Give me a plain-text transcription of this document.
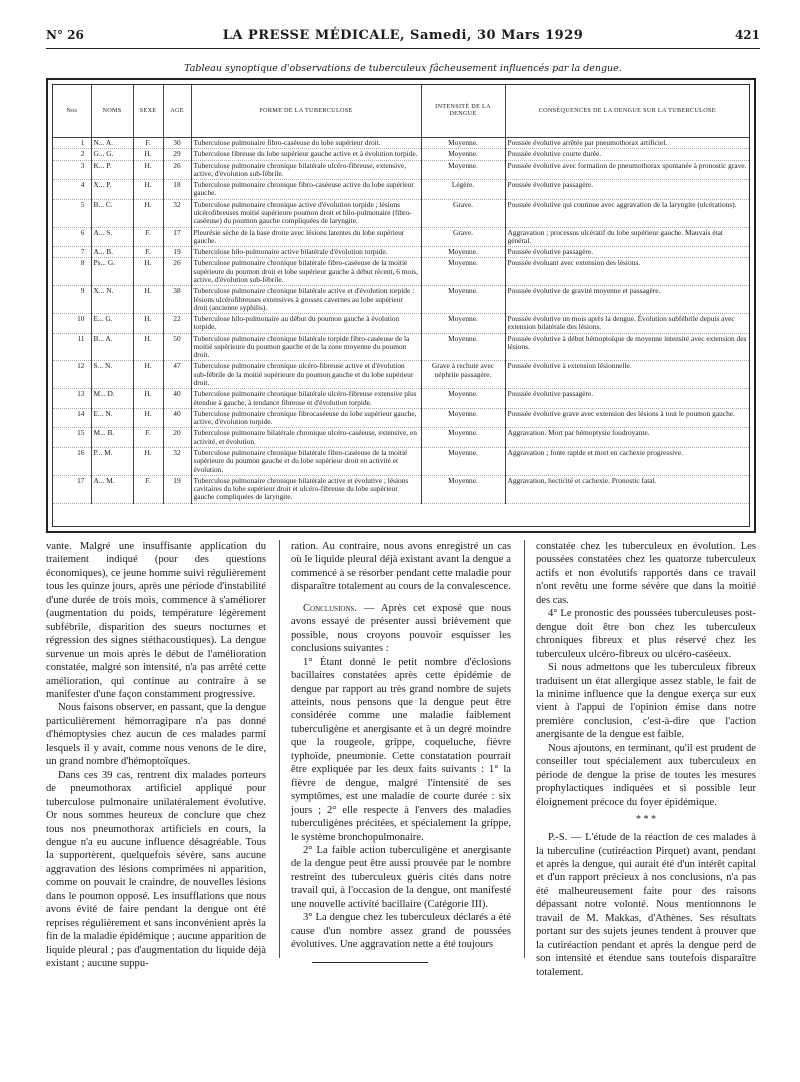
N° 26	LA PRESSE MÉDICALE, Samedi, 30 Mars 1929	421
Tableau synoptique d'observations de tuberculeux fâcheusement influencés par la dengue.
Nos	NOMS	SEXE	AGE	FORME DE LA TUBERCULOSE	INTENSITÉ DE LA DENGUE	CONSÉQUENCES DE LA DENGUE SUR LA TUBERCULOSE
1	N... A.	F.	30	Tuberculose pulmonaire fibro-caséeuse du lobe supérieur droit.	Moyenne.	Poussée évolutive arrêtée par pneumothorax artificiel.
2	G... G.	H.	29	Tuberculose fibreuse du lobe supérieur gauche active et à évolution torpide.	Moyenne.	Poussée évolutive courte durée.
3	K... P.	H.	26	Tuberculose pulmonaire chronique bilatérale ulcéro-fibreuse, extensive, active, d'évolution sub-fébrile.	Moyenne.	Poussée évolutive avec formation de pneumothorax spontanée à pronostic grave.
4	X... P.	H.	18	Tuberculose pulmonaire chronique fibro-caséeuse active du lobe supérieur gauche.	Légère.	Poussée évolutive passagère.
5	B... C.	H.	32	Tuberculose pulmonaire chronique active d'évolution torpide ; lésions ulcérofibreuses moitié supérieure poumon droit et hilo-pulmonaire (fibro-caséeuse) du poumon gauche compliquées de laryngite.	Grave.	Poussée évolutive qui continue avec aggravation de la laryngite (ulcérations).
6	A... S.	F.	17	Pleurésie sèche de la base droite avec lésions latentes du lobe supérieur gauche.	Grave.	Aggravation ; processus ulcératif du lobe supérieur gauche. Mauvais état général.
7	A... B.	F.	19	Tuberculose hilo-pulmonaire active bilatérale d'évolution torpide.	Moyenne.	Poussée évolutive passagère.
8	Ps... G.	H.	26	Tuberculose pulmonaire chronique bilatérale fibro-caséeuse de la moitié supérieure du poumon droit et lobe supérieur gauche à début récent, 6 mois, active, d'évolution sub-fébrile.	Moyenne.	Poussée évoluant avec extension des lésions.
9	X... N.	H.	38	Tuberculose pulmonaire chronique bilatérale active et d'évolution torpide : lésions ulcérofibreuses extensives à grosses cavernes au lobe supérieur droit (ancienne syphilis).	Moyenne.	Poussée évolutive de gravité moyenne et passagère.
10	E... G.	H.	22	Tuberculose hilo-pulmonaire au début du poumon gauche à évolution torpide.	Moyenne.	Poussée évolutive un mois après la dengue. Évolution subfébrile depuis avec extension bilatérale des lésions.
11	B... A.	H.	50	Tuberculose pulmonaire chronique bilatérale torpide fibro-caséeuse de la moitié supérieure du poumon gauche et de la zone moyenne du poumon droit.	Moyenne.	Poussée évolutive à début hémoptoïque de moyenne intensité avec extension des lésions.
12	S... N.	H.	47	Tuberculose pulmonaire chronique ulcéro-fibreuse active et d'évolution sub-fébrile de la moitié supérieure du poumon gauche et du lobe supérieur droit.	Grave à rechute avec néphrite passagère.	Poussée évolutive à extension lésionnelle.
13	M... D.	H.	40	Tuberculose pulmonaire chronique bilatérale ulcéro-fibreuse extensive plus étendue à gauche, à tendance fibreuse et d'évolution torpide.	Moyenne.	Poussée évolutive passagère.
14	E... N.	H.	40	Tuberculose pulmonaire chronique fibrocaséeuse du lobe supérieur gauche, active, d'évolution torpide.	Moyenne.	Poussée évolutive grave avec extension des lésions à tout le poumon gauche.
15	M... B.	F.	20	Tuberculose pulmonaire bilatérale chronique ulcéro-caséeuse, extensive, en activité, et évolution.	Moyenne.	Aggravation. Mort par hémoptysie foudroyante.
16	P... M.	H.	32	Tuberculose pulmonaire chronique bilatérale fibro-caséeuse de la moitié supérieure du poumon gauche et du lobe supérieur droit en activité et évolution.	Moyenne.	Aggravation ; fonte rapide et mort en cachexie progressive.
17	A... M.	F.	19	Tuberculose pulmonaire chronique bilatérale active et évolutive ; lésions cavitaires du lobe supérieur droit et ulcéro-fibreuse du lobe supérieur gauche compliquées de laryngite.	Moyenne.	Aggravation, hecticité et cachexie. Pronostic fatal.

vante. Malgré une insuffisante application du traitement indiqué (pour des questions économiques), ce jeune homme suivi régulièrement tous les quinze jours, après une période d'instabilité d'une durée de trois mois, commence à s'améliorer (augmentation du poids, température légèrement subfébrile, disparition des sueurs nocturnes et régression des signes stéthacoustiques). La dengue survenue un mois après le début de l'amélioration constatée, malgré son intensité, n'a pas arrêté cette amélioration, qui continue au contraire à se manifester d'une façon constamment progressive.

Nous faisons observer, en passant, que la dengue particulièrement hémorragipare n'a pas donné d'hémoptysies chez aucun de ces malades parmi lesquels il y avait, comme nous venons de le dire, un grand nombre d'hémoptoïques.

Dans ces 39 cas, rentrent dix malades porteurs de pneumothorax artificiel appliqué pour tuberculose pulmonaire unilatéralement évolutive. Or nous sommes heureux de conclure que chez tous nos pneumothorax artificiels en cours, la dengue n'a eu aucune influence désagréable. Tous la supportèrent, quelquefois sévère, sans aucune aggravation des lésions comprimées ni apparition, comme on pouvait le craindre, de nouvelles lésions dans le poumon opposé. Les insufflations que nous avons évité de faire pendant la dengue ont été reprises régulièrement et sans inconvénient après la fin de la maladie épidémique ; aucune apparition de liquide pleural ; pas d'augmentation du liquide déjà existant ; aucune suppu-

ration. Au contraire, nous avons enregistré un cas où le liquide pleural déjà existant avant la dengue a commencé à se résorber pendant cette maladie pour disparaître totalement au cours de la convalescence.

Conclusions. — Après cet exposé que nous avons essayé de présenter aussi brièvement que possible, nous croyons pouvoir esquisser les conclusions suivantes :

1° Étant donné le petit nombre d'éclosions bacillaires constatées après cette épidémie de dengue par rapport au très grand nombre de sujets atteints, nous pensons que la dengue peut être considérée comme une maladie faiblement tuberculigène et anergisante et à un degré moindre que la rougeole, grippe, coqueluche, fièvre typhoïde, pneumonie. Cette constatation pourrait être expliquée par les deux faits suivants : 1° la fièvre de dengue, malgré l'intensité de ses symptômes, est une maladie de courte durée : six jours ; 2° elle respecte à l'envers des maladies tuberculigènes précitées, et spécialement la grippe, le système bronchopulmonaire.

2° La faible action tuberculigène et anergisante de la dengue peut être aussi prouvée par le nombre restreint des tuberculeux guéris cités dans notre travail qui, à l'occasion de la dengue, ont manifesté une nouvelle activité bacillaire (Catégorie III).

3° La dengue chez les tuberculeux déclarés a été cause d'un nombre assez grand de poussées évolutives. Une aggravation nette a été toujours

constatée chez les tuberculeux en évolution. Les poussées constatées chez les quatorze tuberculeux actifs et non évolutifs rapportés dans ce travail n'ont revêtu une forme sévère que dans la moitié des cas.

4° Le pronostic des poussées tuberculeuses post-dengue doit être bon chez les tuberculeux chroniques fibreux et plus réservé chez les tuberculeux ulcéro-fibreux ou ulcéro-caséeux.

Si nous admettons que les tuberculeux fibreux traduisent un état allergique assez stable, le fait de la minime influence que la dengue exerça sur eux vient à l'appui de l'opinion émise dans notre première conclusion, c'est-à-dire que l'action anergisante de la dengue est faible.

Nous ajoutons, en terminant, qu'il est prudent de conseiller tout spécialement aux tuberculeux en période de dengue la prise de toutes les mesures prophylactiques indiquées et si possible leur éloignement précoce du foyer épidémique.

* * *

P.-S. — L'étude de la réaction de ces malades à la tuberculine (cutiréaction Pirquet) avant, pendant et après la dengue, qui aurait été d'un intérêt capital et d'un rapport précieux à nos conclusions, n'a pas été malheureusement faite pour des raisons dépassant notre volonté. Nous mentionnons le travail de M. Makkas, d'Athènes. Ses résultats portant sur des sujets jeunes tendent à prouver que la cutiréaction pendant et après la dengue perd de son intensité et étendue sans toutefois disparaître totalement.
